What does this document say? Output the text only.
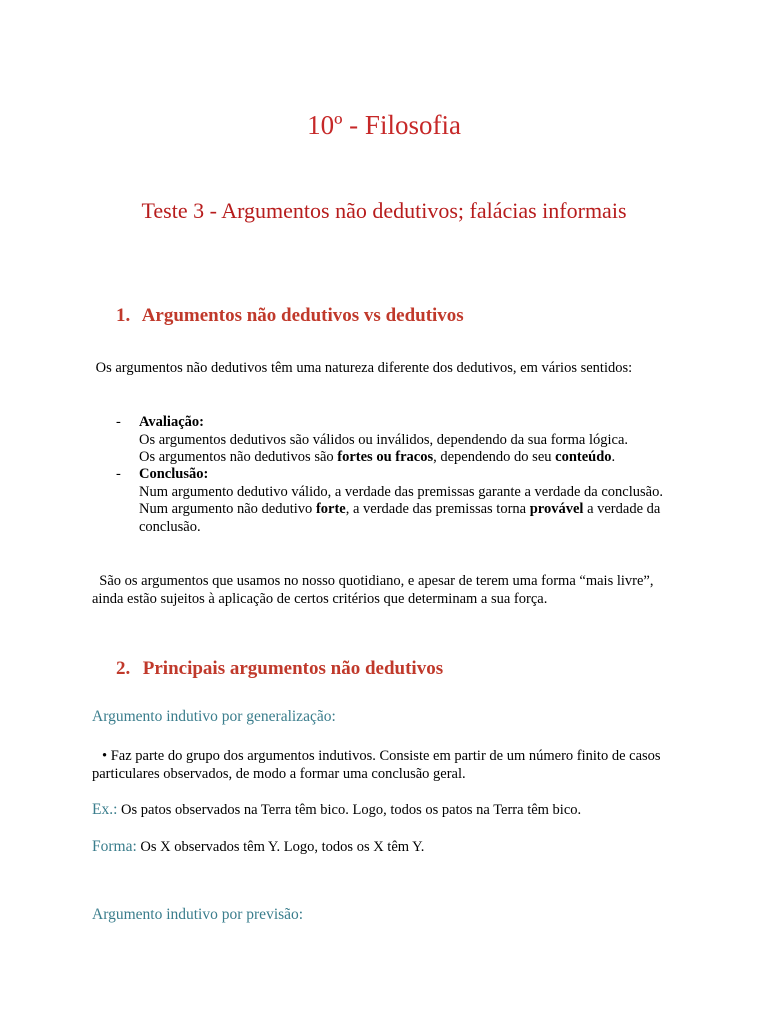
10º - Filosofia
Teste 3 - Argumentos não dedutivos; falácias informais
1. Argumentos não dedutivos vs dedutivos
Os argumentos não dedutivos têm uma natureza diferente dos dedutivos, em vários sentidos:
- Avaliação:
Os argumentos dedutivos são válidos ou inválidos, dependendo da sua forma lógica.
Os argumentos não dedutivos são fortes ou fracos, dependendo do seu conteúdo.
- Conclusão:
Num argumento dedutivo válido, a verdade das premissas garante a verdade da conclusão.
Num argumento não dedutivo forte, a verdade das premissas torna provável a verdade da conclusão.
São os argumentos que usamos no nosso quotidiano, e apesar de terem uma forma “mais livre”, ainda estão sujeitos à aplicação de certos critérios que determinam a sua força.
2. Principais argumentos não dedutivos
Argumento indutivo por generalização:
• Faz parte do grupo dos argumentos indutivos. Consiste em partir de um número finito de casos particulares observados, de modo a formar uma conclusão geral.
Ex.: Os patos observados na Terra têm bico. Logo, todos os patos na Terra têm bico.
Forma: Os X observados têm Y. Logo, todos os X têm Y.
Argumento indutivo por previsão:
